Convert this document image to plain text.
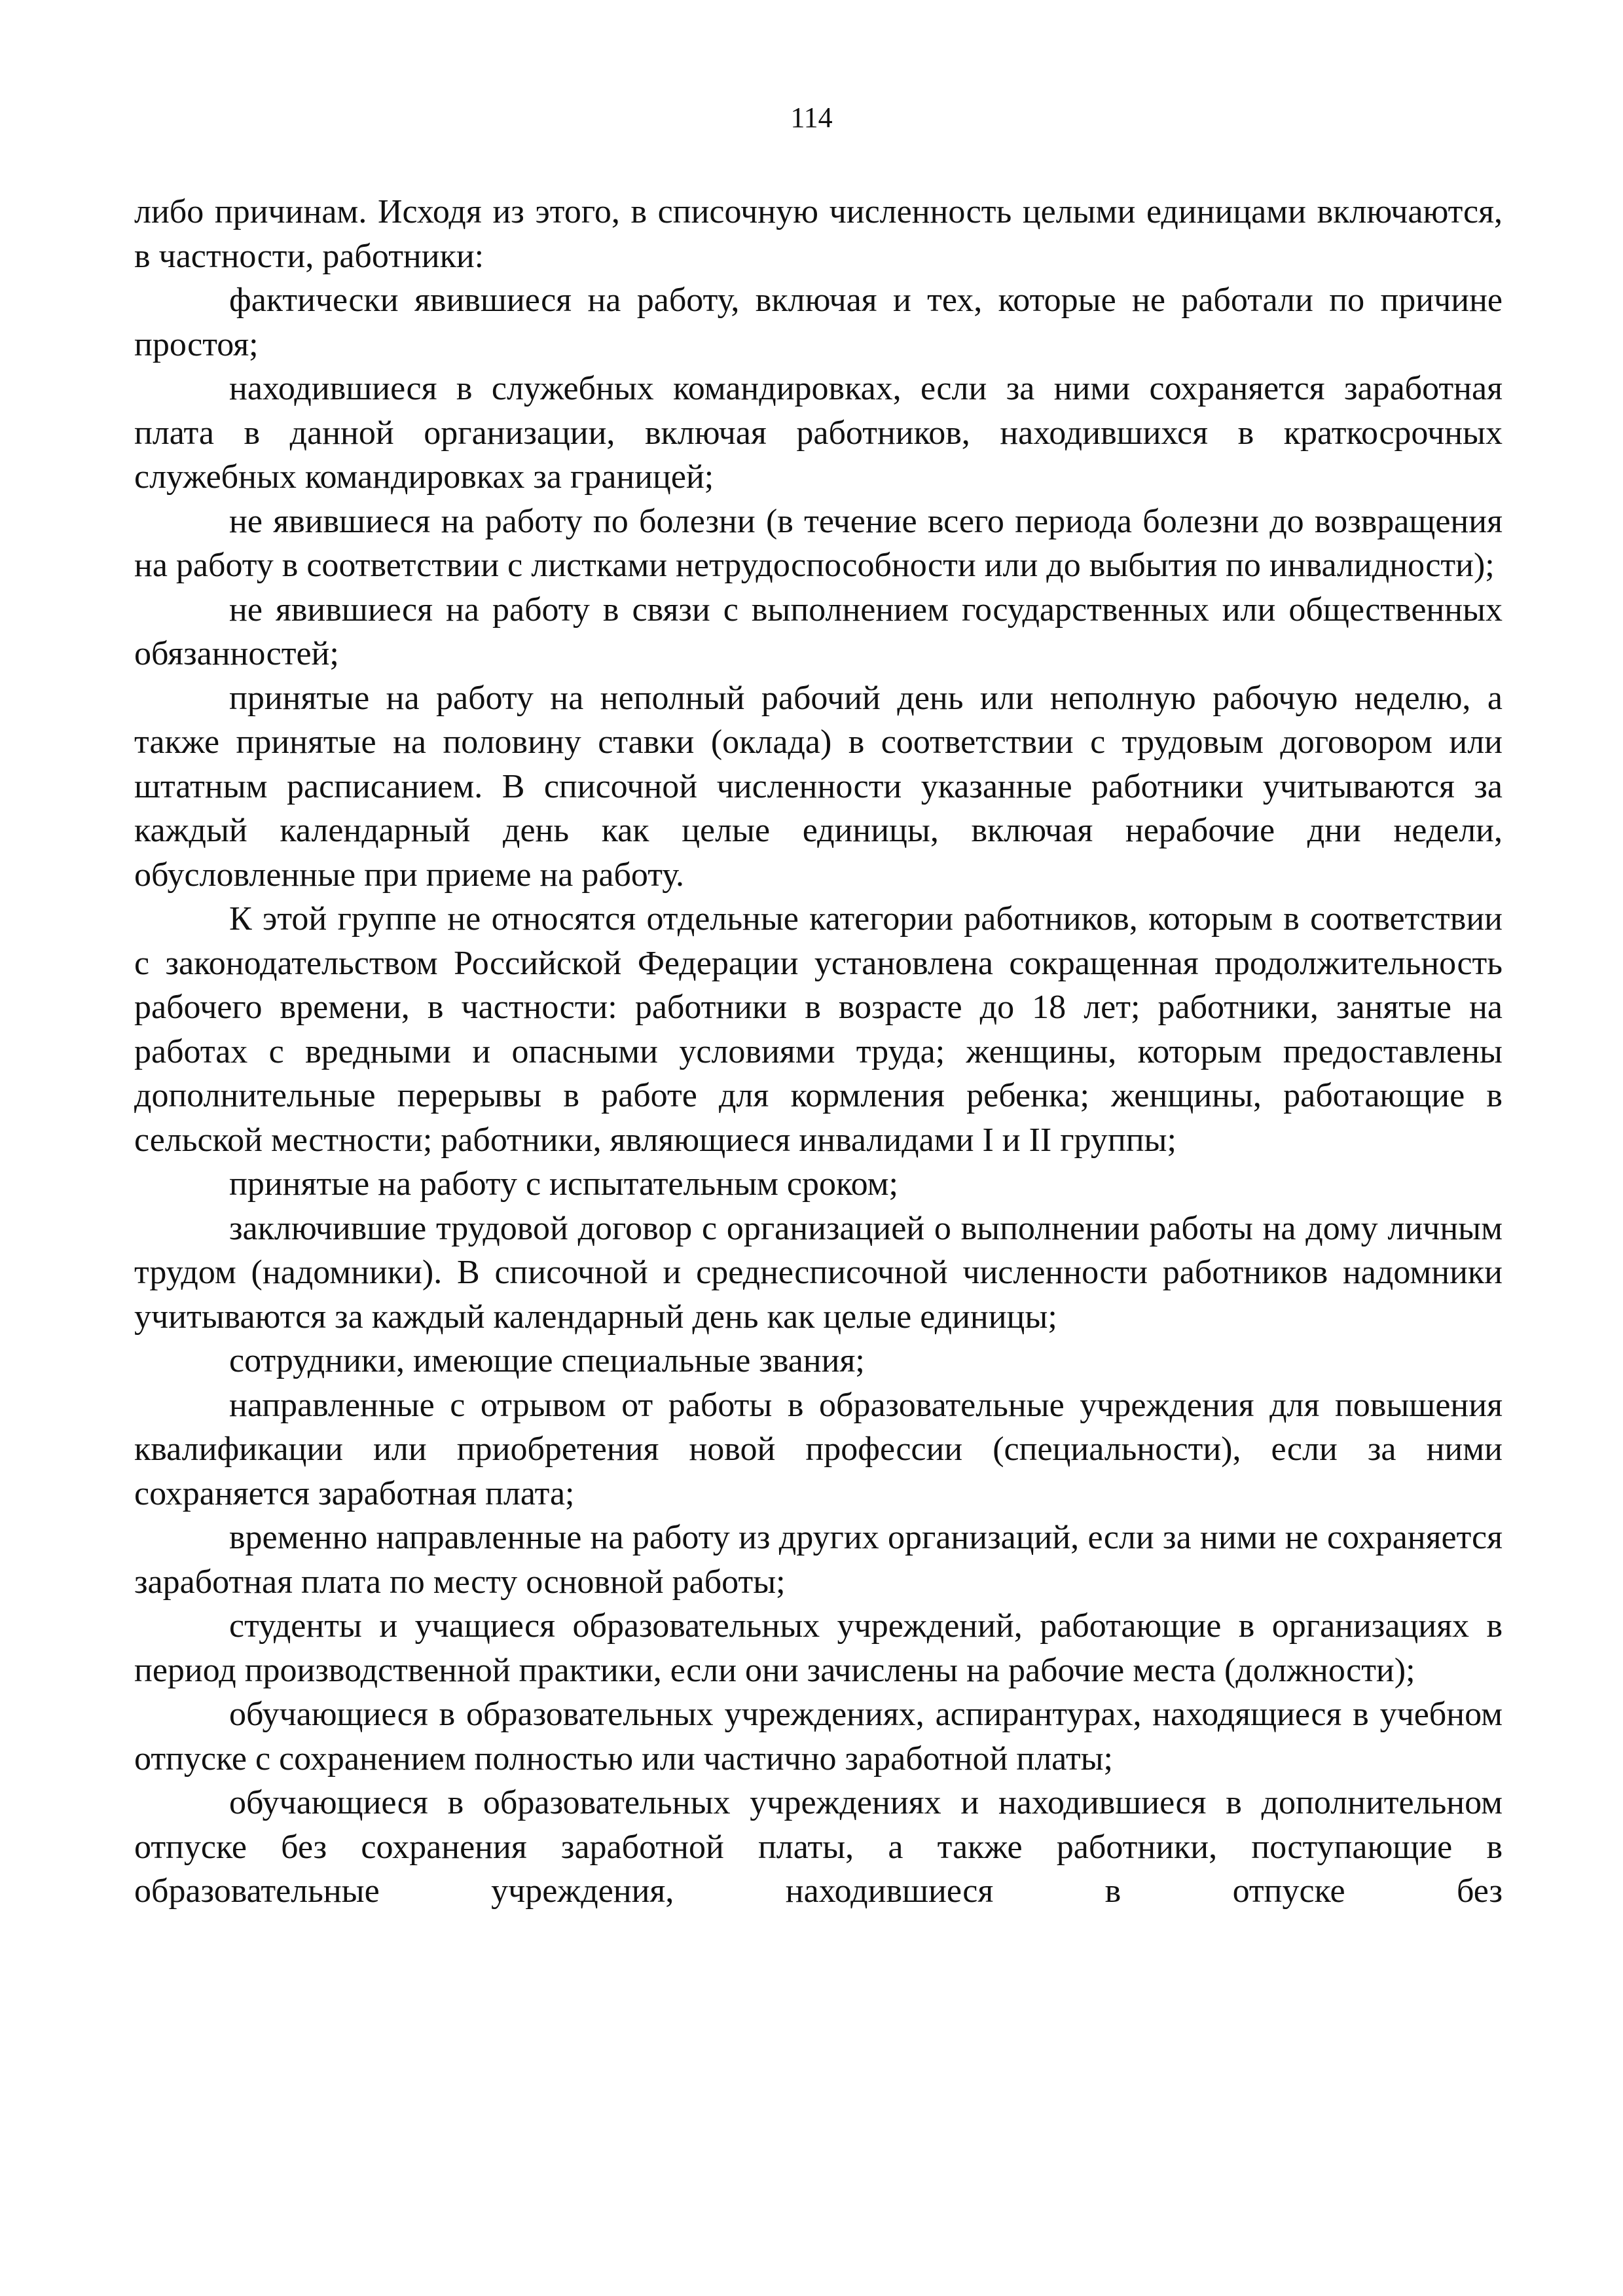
114

либо причинам. Исходя из этого, в списочную численность целыми единицами включаются, в частности, работники:

фактически явившиеся на работу, включая и тех, которые не работали по причине простоя;

находившиеся в служебных командировках, если за ними сохраняется заработная плата в данной организации, включая работников, находившихся в краткосрочных служебных командировках за границей;

не явившиеся на работу по болезни (в течение всего периода болезни до возвращения на работу в соответствии с листками нетрудоспособности или до выбытия по инвалидности);

не явившиеся на работу в связи с выполнением государственных или общественных обязанностей;

принятые на работу на неполный рабочий день или неполную рабочую неделю, а также принятые на половину ставки (оклада) в соответствии с трудовым договором или штатным расписанием. В списочной численности указанные работники учитываются за каждый календарный день как целые единицы, включая нерабочие дни недели, обусловленные при приеме на работу.

К этой группе не относятся отдельные категории работников, которым в соответствии с законодательством Российской Федерации установлена сокращенная продолжительность рабочего времени, в частности: работники в возрасте до 18 лет; работники, занятые на работах с вредными и опасными условиями труда; женщины, которым предоставлены дополнительные перерывы в работе для кормления ребенка; женщины, работающие в сельской местности; работники, являющиеся инвалидами I и II группы;

принятые на работу с испытательным сроком;

заключившие трудовой договор с организацией о выполнении работы на дому личным трудом (надомники). В списочной и среднесписочной численности работников надомники учитываются за каждый календарный день как целые единицы;

сотрудники, имеющие специальные звания;

направленные с отрывом от работы в образовательные учреждения для повышения квалификации или приобретения новой профессии (специальности), если за ними сохраняется заработная плата;

временно направленные на работу из других организаций, если за ними не сохраняется заработная плата по месту основной работы;

студенты и учащиеся образовательных учреждений, работающие в организациях в период производственной практики, если они зачислены на рабочие места (должности);

обучающиеся в образовательных учреждениях, аспирантурах, находящиеся в учебном отпуске с сохранением полностью или частично заработной платы;

обучающиеся в образовательных учреждениях и находившиеся в дополнительном отпуске без сохранения заработной платы, а также работники, поступающие в образовательные учреждения, находившиеся в отпуске без
